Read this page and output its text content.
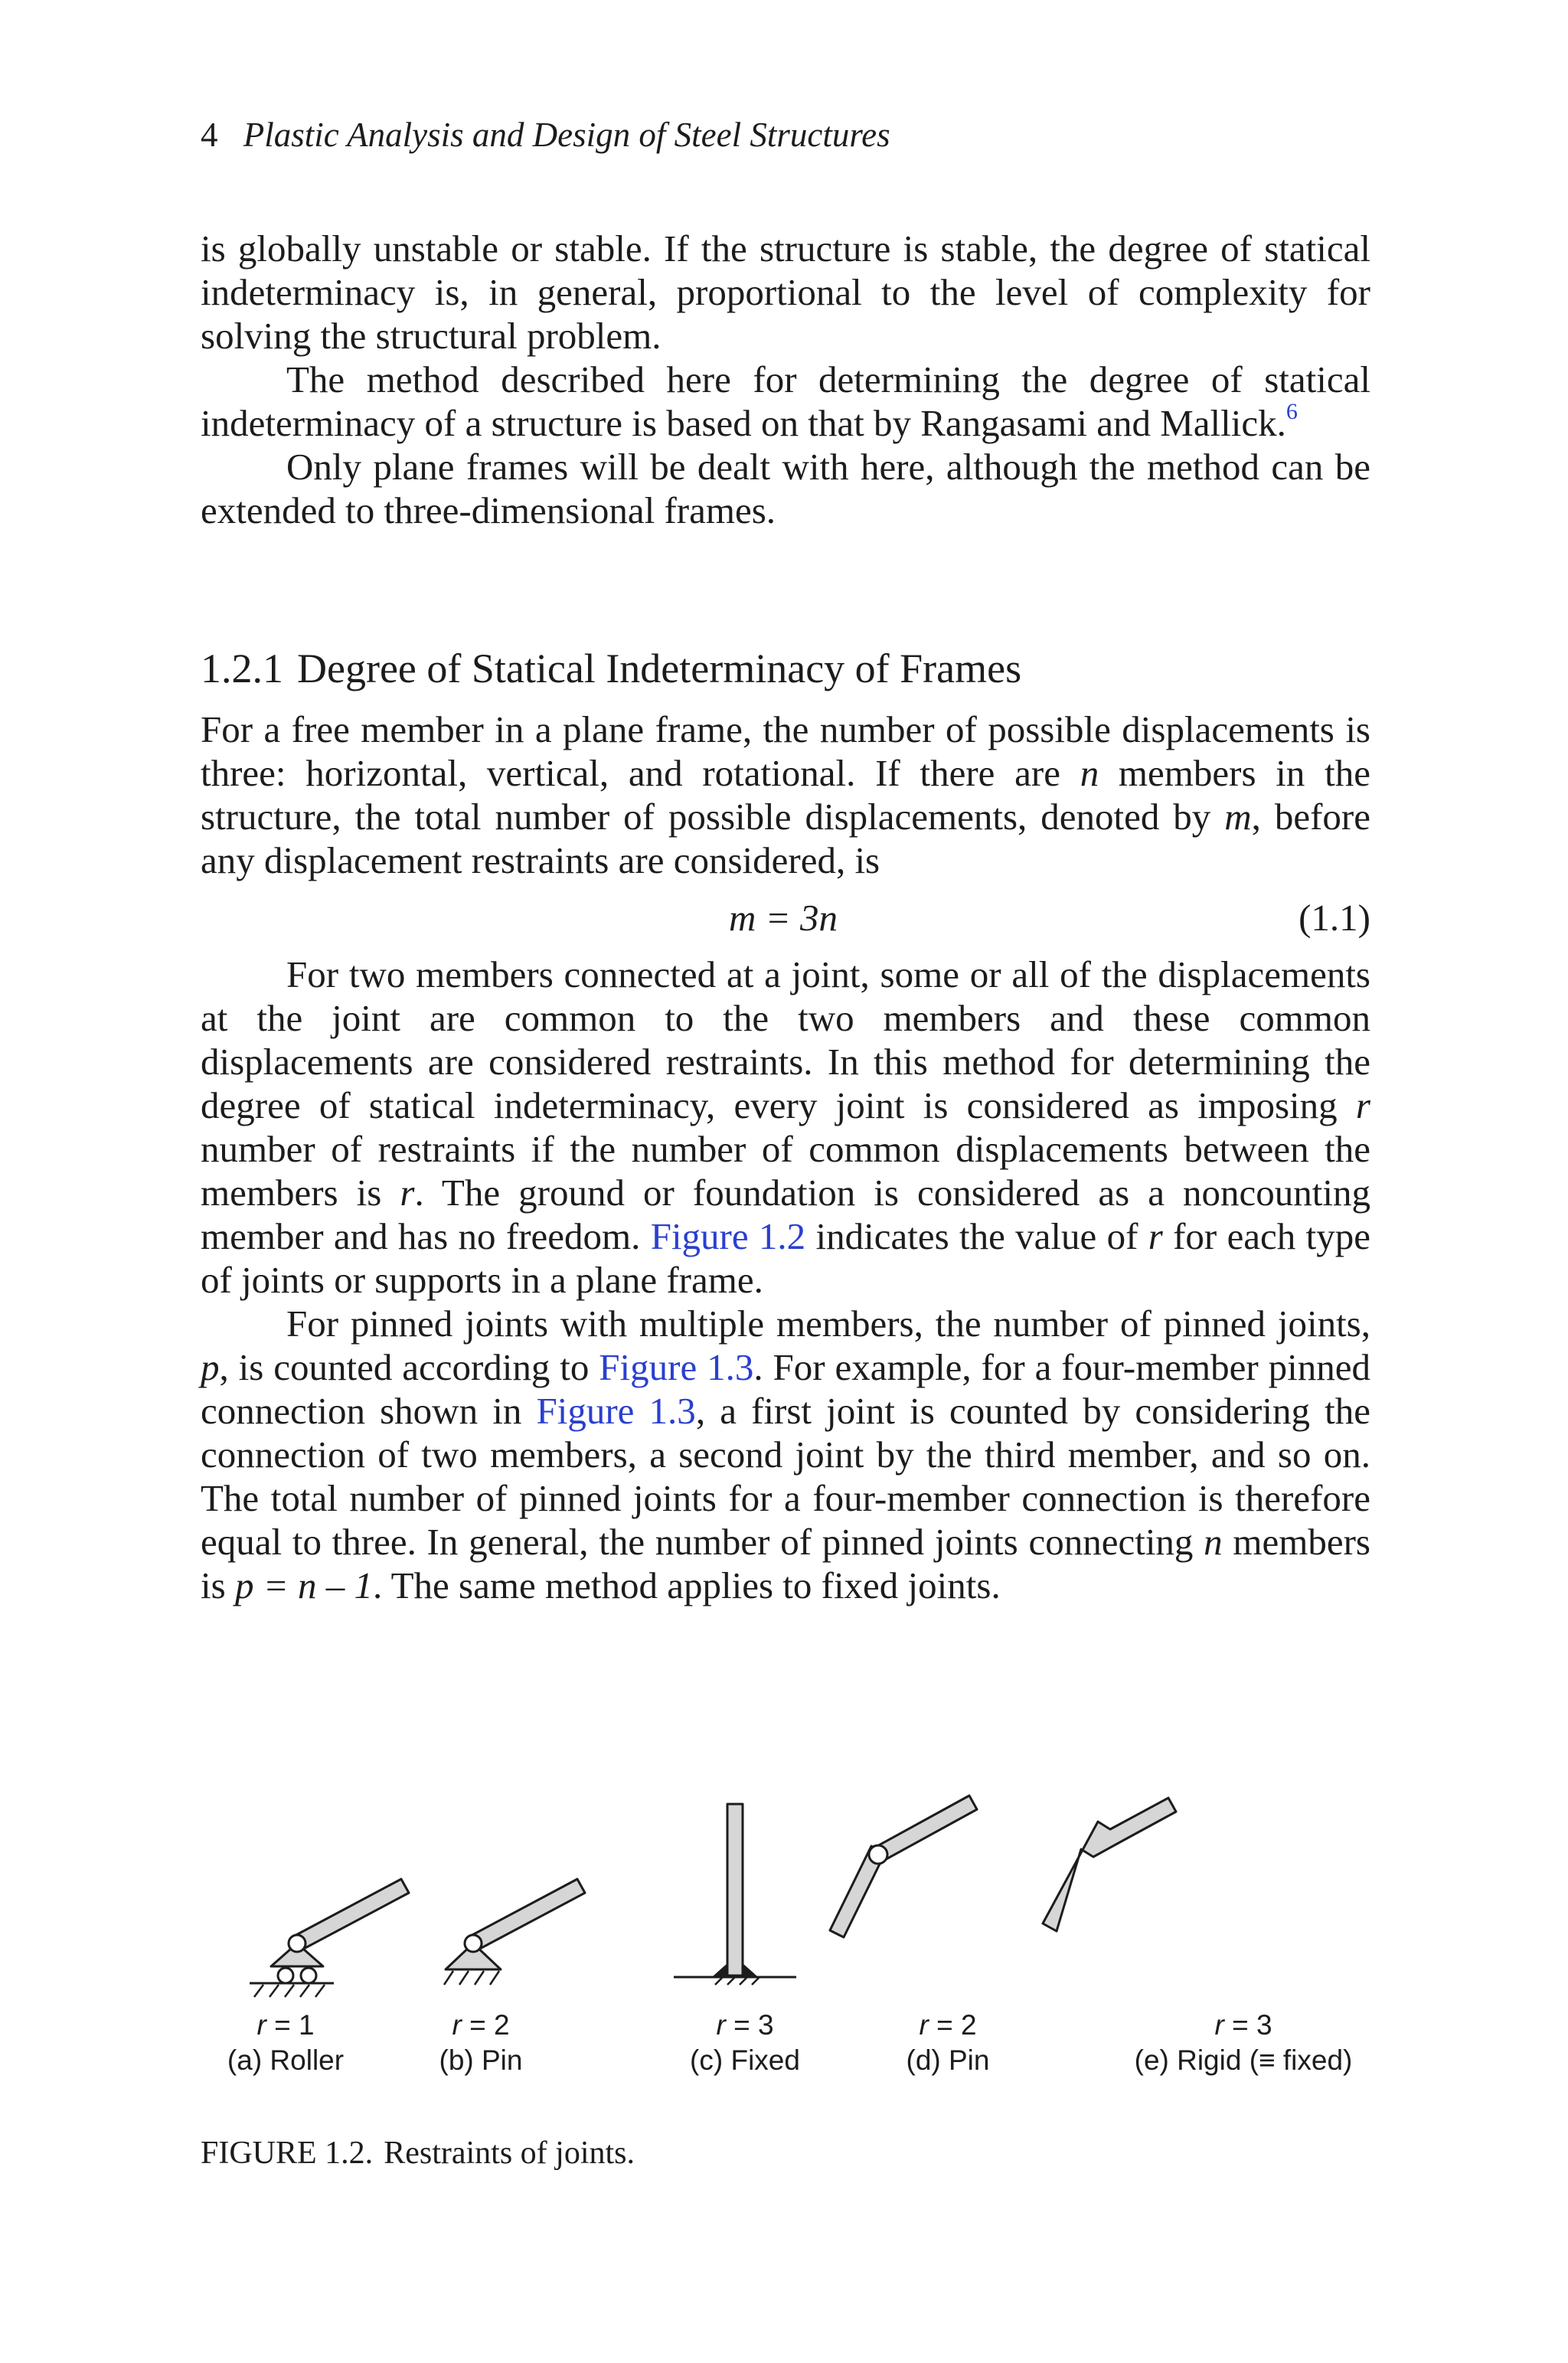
4 Plastic Analysis and Design of Steel Structures

is globally unstable or stable. If the structure is stable, the degree of statical indeterminacy is, in general, proportional to the level of complexity for solving the structural problem.

The method described here for determining the degree of statical indeterminacy of a structure is based on that by Rangasami and Mallick.$^6$

Only plane frames will be dealt with here, although the method can be extended to three-dimensional frames.

1.2.1 Degree of Statical Indeterminacy of Frames

For a free member in a plane frame, the number of possible displacements is three: horizontal, vertical, and rotational. If there are n members in the structure, the total number of possible displacements, denoted by m, before any displacement restraints are considered, is

m = 3n	(1.1)

For two members connected at a joint, some or all of the displacements at the joint are common to the two members and these common displacements are considered restraints. In this method for determining the degree of statical indeterminacy, every joint is considered as imposing r number of restraints if the number of common displacements between the members is r. The ground or foundation is considered as a noncounting member and has no freedom. Figure 1.2 indicates the value of r for each type of joints or supports in a plane frame.

For pinned joints with multiple members, the number of pinned joints, p, is counted according to Figure 1.3. For example, for a four-member pinned connection shown in Figure 1.3, a first joint is counted by considering the connection of two members, a second joint by the third member, and so on. The total number of pinned joints for a four-member connection is therefore equal to three. In general, the number of pinned joints connecting n members is p = n – 1. The same method applies to fixed joints.

r = 1
(a) Roller
r = 2
(b) Pin
r = 3
(c) Fixed
r = 2
(d) Pin
r = 3
(e) Rigid (≡ fixed)
FIGURE 1.2. Restraints of joints.
